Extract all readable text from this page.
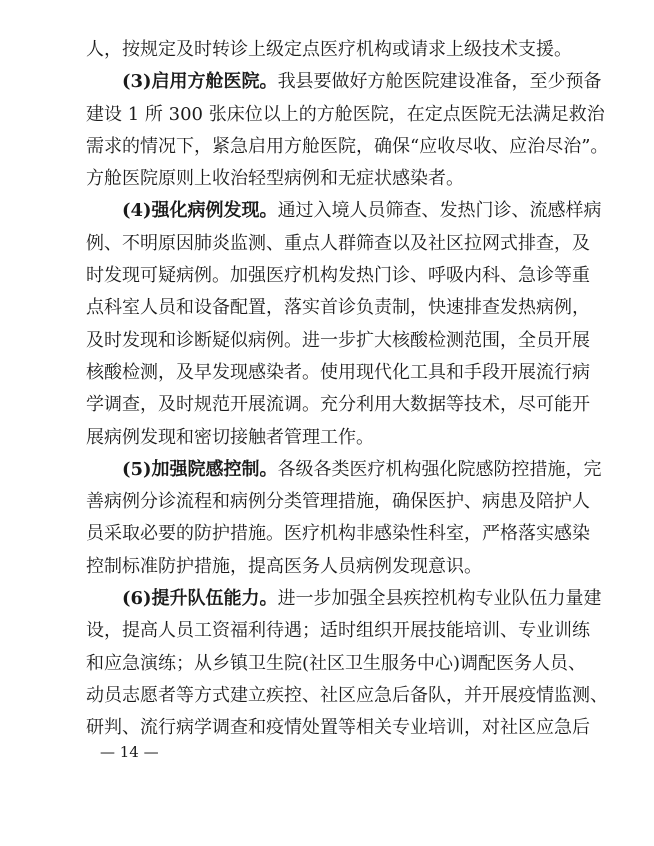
人，按规定及时转诊上级定点医疗机构或请求上级技术支援。
(3)启用方舱医院。我县要做好方舱医院建设准备，至少预备
建设 1 所 300 张床位以上的方舱医院，在定点医院无法满足救治
需求的情况下，紧急启用方舱医院，确保“应收尽收、应治尽治”。
方舱医院原则上收治轻型病例和无症状感染者。
(4)强化病例发现。通过入境人员筛查、发热门诊、流感样病
例、不明原因肺炎监测、重点人群筛查以及社区拉网式排查，及
时发现可疑病例。加强医疗机构发热门诊、呼吸内科、急诊等重
点科室人员和设备配置，落实首诊负责制，快速排查发热病例，
及时发现和诊断疑似病例。进一步扩大核酸检测范围，全员开展
核酸检测，及早发现感染者。使用现代化工具和手段开展流行病
学调查，及时规范开展流调。充分利用大数据等技术，尽可能开
展病例发现和密切接触者管理工作。
(5)加强院感控制。各级各类医疗机构强化院感防控措施，完
善病例分诊流程和病例分类管理措施，确保医护、病患及陪护人
员采取必要的防护措施。医疗机构非感染性科室，严格落实感染
控制标准防护措施，提高医务人员病例发现意识。
(6)提升队伍能力。进一步加强全县疾控机构专业队伍力量建
设，提高人员工资福利待遇；适时组织开展技能培训、专业训练
和应急演练；从乡镇卫生院(社区卫生服务中心)调配医务人员、
动员志愿者等方式建立疾控、社区应急后备队，并开展疫情监测、
研判、流行病学调查和疫情处置等相关专业培训，对社区应急后
— 14 —
